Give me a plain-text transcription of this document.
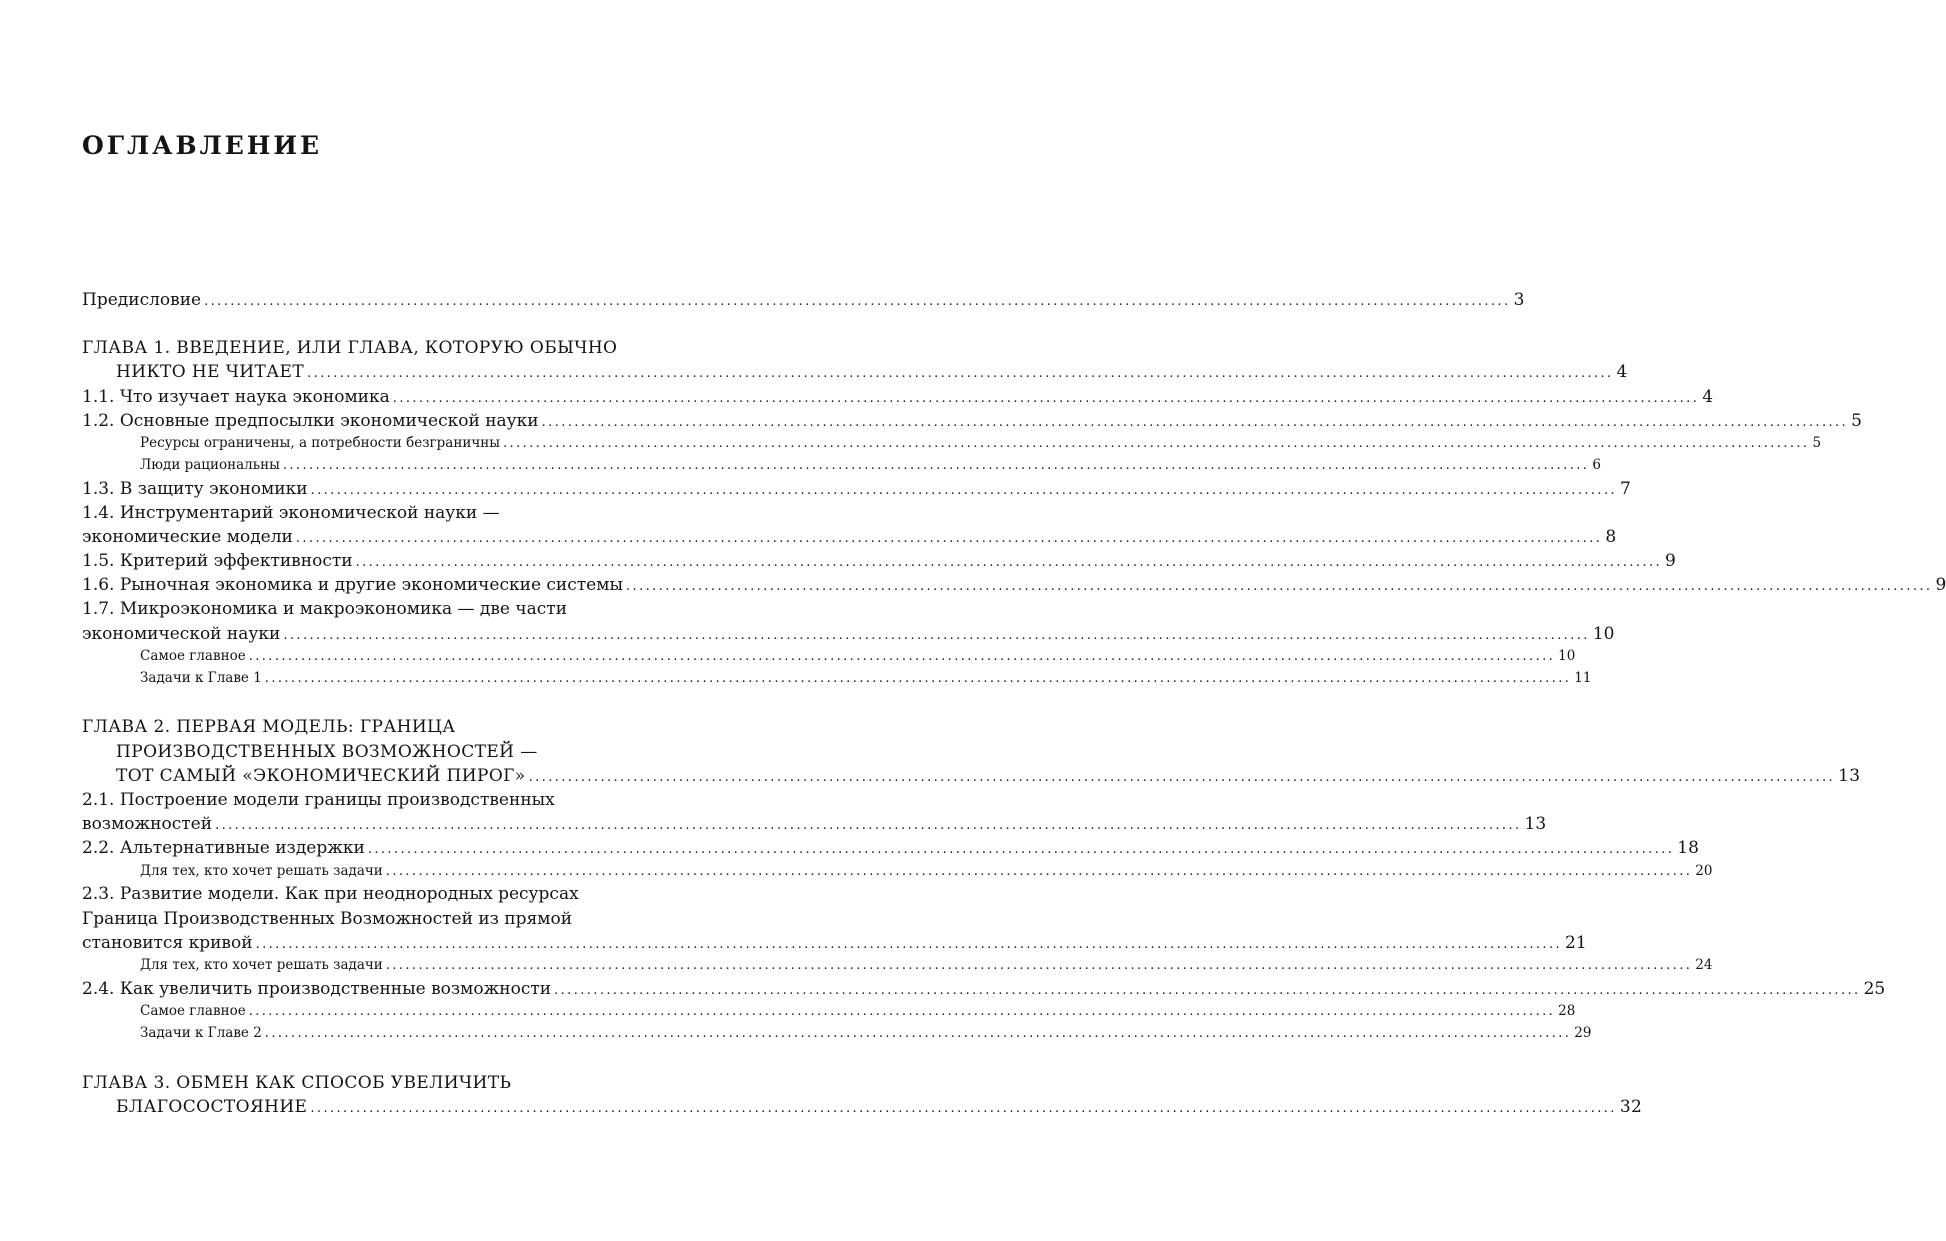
ОГЛАВЛЕНИЕ
Предисловие ........................................................................................................................................................................................................ 3
ГЛАВА 1. ВВЕДЕНИЕ, ИЛИ ГЛАВА, КОТОРУЮ ОБЫЧНО
НИКТО НЕ ЧИТАЕТ ........................................................................................................................................................................................................ 4
1.1. Что изучает наука экономика ........................................................................................................................................................................................................ 4
1.2. Основные предпосылки экономической науки ........................................................................................................................................................................................................ 5
Ресурсы ограничены, а потребности безграничны ........................................................................................................................................................................................................ 5
Люди рациональны ........................................................................................................................................................................................................ 6
1.3. В защиту экономики ........................................................................................................................................................................................................ 7
1.4. Инструментарий экономической науки —
экономические модели ........................................................................................................................................................................................................ 8
1.5. Критерий эффективности ........................................................................................................................................................................................................ 9
1.6. Рыночная экономика и другие экономические системы ........................................................................................................................................................................................................ 9
1.7. Микроэкономика и макроэкономика — две части
экономической науки ........................................................................................................................................................................................................ 10
Самое главное ........................................................................................................................................................................................................ 10
Задачи к Главе 1 ........................................................................................................................................................................................................ 11
ГЛАВА 2. ПЕРВАЯ МОДЕЛЬ: ГРАНИЦА
ПРОИЗВОДСТВЕННЫХ ВОЗМОЖНОСТЕЙ —
ТОТ САМЫЙ «ЭКОНОМИЧЕСКИЙ ПИРОГ» ........................................................................................................................................................................................................ 13
2.1. Построение модели границы производственных
возможностей ........................................................................................................................................................................................................ 13
2.2. Альтернативные издержки ........................................................................................................................................................................................................ 18
Для тех, кто хочет решать задачи ........................................................................................................................................................................................................ 20
2.3. Развитие модели. Как при неоднородных ресурсах
Граница Производственных Возможностей из прямой
становится кривой ........................................................................................................................................................................................................ 21
Для тех, кто хочет решать задачи ........................................................................................................................................................................................................ 24
2.4. Как увеличить производственные возможности ........................................................................................................................................................................................................ 25
Самое главное ........................................................................................................................................................................................................ 28
Задачи к Главе 2 ........................................................................................................................................................................................................ 29
ГЛАВА 3. ОБМЕН КАК СПОСОБ УВЕЛИЧИТЬ
БЛАГОСОСТОЯНИЕ ........................................................................................................................................................................................................ 32
